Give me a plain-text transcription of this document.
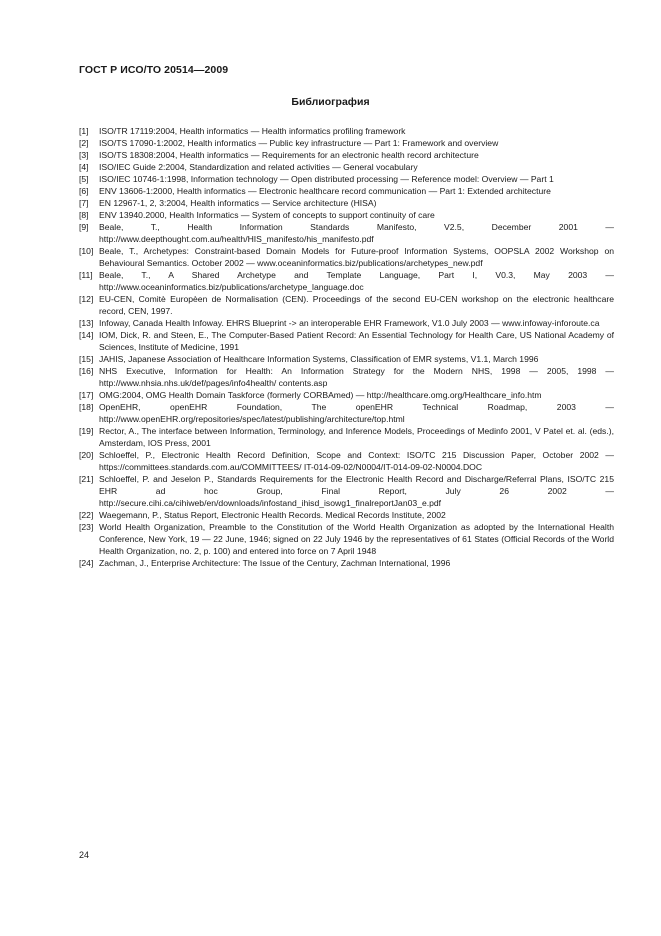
ГОСТ Р ИСО/ТО 20514—2009
Библиография
[1]	ISO/TR 17119:2004, Health informatics — Health informatics profiling framework
[2]	ISO/TS 17090-1:2002, Health informatics — Public key infrastructure — Part 1: Framework and overview
[3]	ISO/TS 18308:2004, Health informatics — Requirements for an electronic health record architecture
[4]	ISO/IEC Guide 2:2004, Standardization and related activities — General vocabulary
[5]	ISO/IEC 10746-1:1998, Information technology — Open distributed processing — Reference model: Overview — Part 1
[6]	ENV 13606-1:2000, Health informatics — Electronic healthcare record communication — Part 1: Extended architecture
[7]	EN 12967-1, 2, 3:2004, Health informatics — Service architecture (HISA)
[8]	ENV 13940.2000, Health Informatics — System of concepts to support continuity of care
[9]	Beale, T., Health Information Standards Manifesto, V2.5, December 2001 — http://www.deepthought.com.au/health/HIS_manifesto/his_manifesto.pdf
[10] Beale, T., Archetypes: Constraint-based Domain Models for Future-proof Information Systems, OOPSLA 2002 Workshop on Behavioural Semantics. October 2002 — www.oceaninformatics.biz/publications/archetypes_new.pdf
[11] Beale, T., A Shared Archetype and Template Language, Part I, V0.3, May 2003 — http://www.oceaninformatics.biz/publications/archetype_language.doc
[12] EU-CEN, Comitè Europèen de Normalisation (CEN). Proceedings of the second EU-CEN workshop on the electronic healthcare record, CEN, 1997.
[13] Infoway, Canada Health Infoway. EHRS Blueprint -> an interoperable EHR Framework, V1.0 July 2003 — www.infoway-inforoute.ca
[14] IOM, Dick, R. and Steen, E., The Computer-Based Patient Record: An Essential Technology for Health Care, US National Academy of Sciences, Institute of Medicine, 1991
[15] JAHIS, Japanese Association of Healthcare Information Systems, Classification of EMR systems, V1.1, March 1996
[16] NHS Executive, Information for Health: An Information Strategy for the Modern NHS, 1998 — 2005, 1998 — http://www.nhsia.nhs.uk/def/pages/info4health/ contents.asp
[17] OMG:2004, OMG Health Domain Taskforce (formerly CORBAmed) — http://healthcare.omg.org/Healthcare_info.htm
[18] OpenEHR, openEHR Foundation, The openEHR Technical Roadmap, 2003 — http://www.openEHR.org/repositories/spec/latest/publishing/architecture/top.html
[19] Rector, A., The interface between Information, Terminology, and Inference Models, Proceedings of Medinfo 2001, V Patel et. al. (eds.), Amsterdam, IOS Press, 2001
[20] Schloeffel, P., Electronic Health Record Definition, Scope and Context: ISO/TC 215 Discussion Paper, October 2002 — https://committees.standards.com.au/COMMITTEES/ IT-014-09-02/N0004/IT-014-09-02-N0004.DOC
[21] Schloeffel, P. and Jeselon P., Standards Requirements for the Electronic Health Record and Discharge/Referral Plans, ISO/TC 215 EHR ad hoc Group, Final Report, July 26 2002 — http://secure.cihi.ca/cihiweb/en/downloads/infostand_ihisd_isowg1_finalreportJan03_e.pdf
[22] Waegemann, P., Status Report, Electronic Health Records. Medical Records Institute, 2002
[23] World Health Organization, Preamble to the Constitution of the World Health Organization as adopted by the International Health Conference, New York, 19 — 22 June, 1946; signed on 22 July 1946 by the representatives of 61 States (Official Records of the World Health Organization, no. 2, p. 100) and entered into force on 7 April 1948
[24] Zachman, J., Enterprise Architecture: The Issue of the Century, Zachman International, 1996
24
